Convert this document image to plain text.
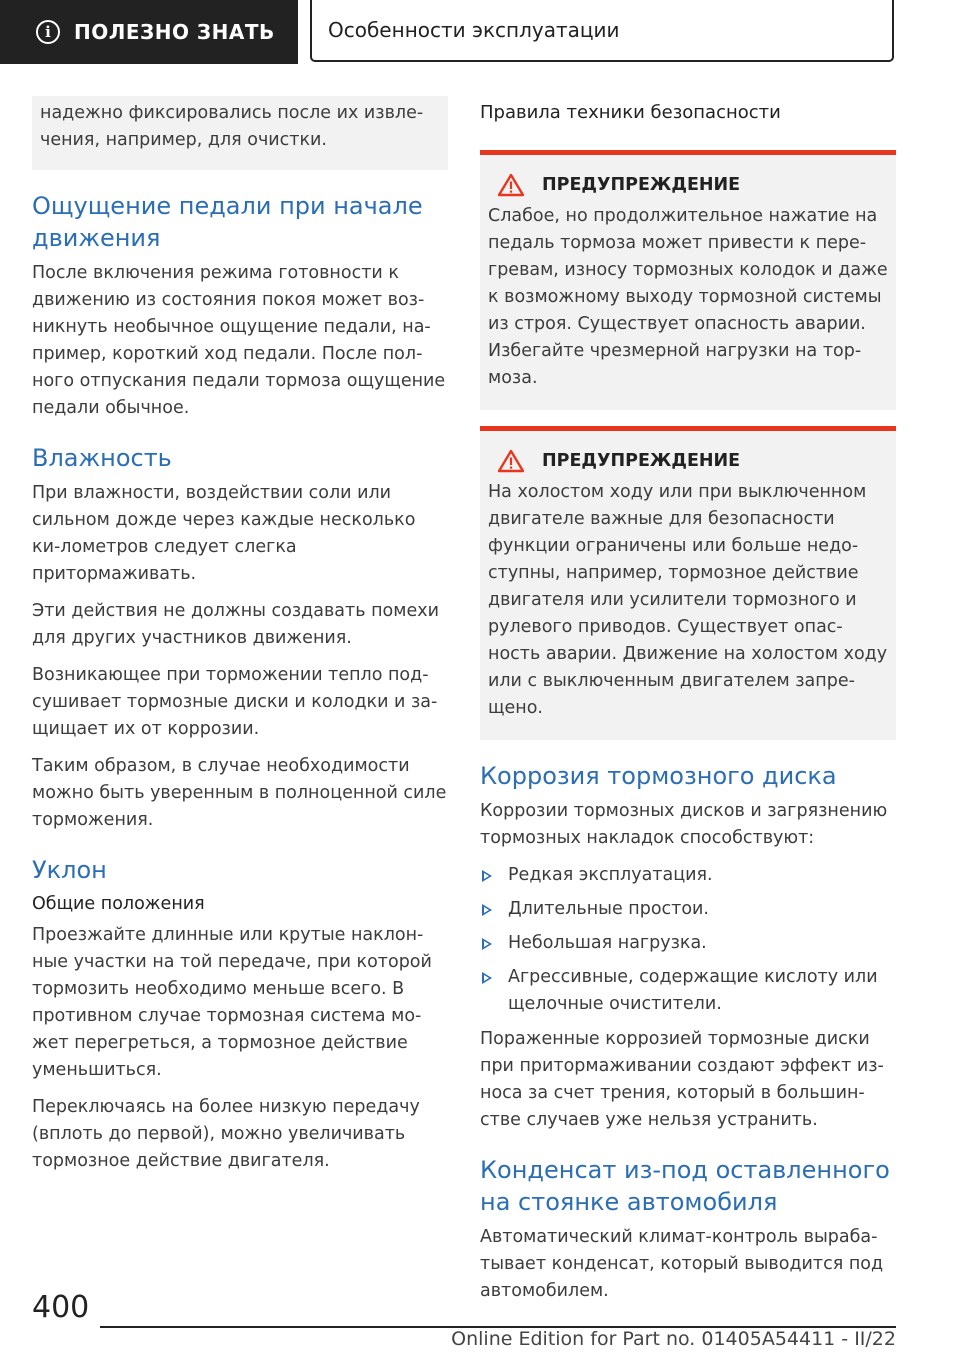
i	ПОЛЕЗНО ЗНАТЬ	Особенности эксплуатации

надежно фиксировались после их извле-чения, например, для очистки.

Ощущение педали при начале движения

После включения режима готовности к движению из состояния покоя может воз-никнуть необычное ощущение педали, на-пример, короткий ход педали. После пол-ного отпускания педали тормоза ощущение педали обычное.

Влажность

При влажности, воздействии соли или сильном дожде через каждые несколько ки-лометров следует слегка притормаживать.

Эти действия не должны создавать помехи для других участников движения.

Возникающее при торможении тепло под-сушивает тормозные диски и колодки и за-щищает их от коррозии.

Таким образом, в случае необходимости можно быть уверенным в полноценной силе торможения.

Уклон
Общие положения

Проезжайте длинные или крутые наклон-ные участки на той передаче, при которой тормозить необходимо меньше всего. В противном случае тормозная система мо-жет перегреться, а тормозное действие уменьшиться.

Переключаясь на более низкую передачу (вплоть до первой), можно увеличивать тормозное действие двигателя.

Правила техники безопасности
ПРЕДУПРЕЖДЕНИЕ

Слабое, но продолжительное нажатие на педаль тормоза может привести к пере-гревам, износу тормозных колодок и даже к возможному выходу тормозной системы из строя. Существует опасность аварии. Избегайте чрезмерной нагрузки на тор-моза.

ПРЕДУПРЕЖДЕНИЕ

На холостом ходу или при выключенном двигателе важные для безопасности функции ограничены или больше недо-ступны, например, тормозное действие двигателя или усилители тормозного и рулевого приводов. Существует опас-ность аварии. Движение на холостом ходу или с выключенным двигателем запре-щено.

Коррозия тормозного диска

Коррозии тормозных дисков и загрязнению тормозных накладок способствуют:

Редкая эксплуатация.
Длительные простои.
Небольшая нагрузка.
Агрессивные, содержащие кислоту или щелочные очистители.

Пораженные коррозией тормозные диски при притормаживании создают эффект из-носа за счет трения, который в большин-стве случаев уже нельзя устранить.

Конденсат из-под оставленного на стоянке автомобиля

Автоматический климат-контроль выраба-тывает конденсат, который выводится под автомобилем.

400
Online Edition for Part no. 01405A54411 - II/22
